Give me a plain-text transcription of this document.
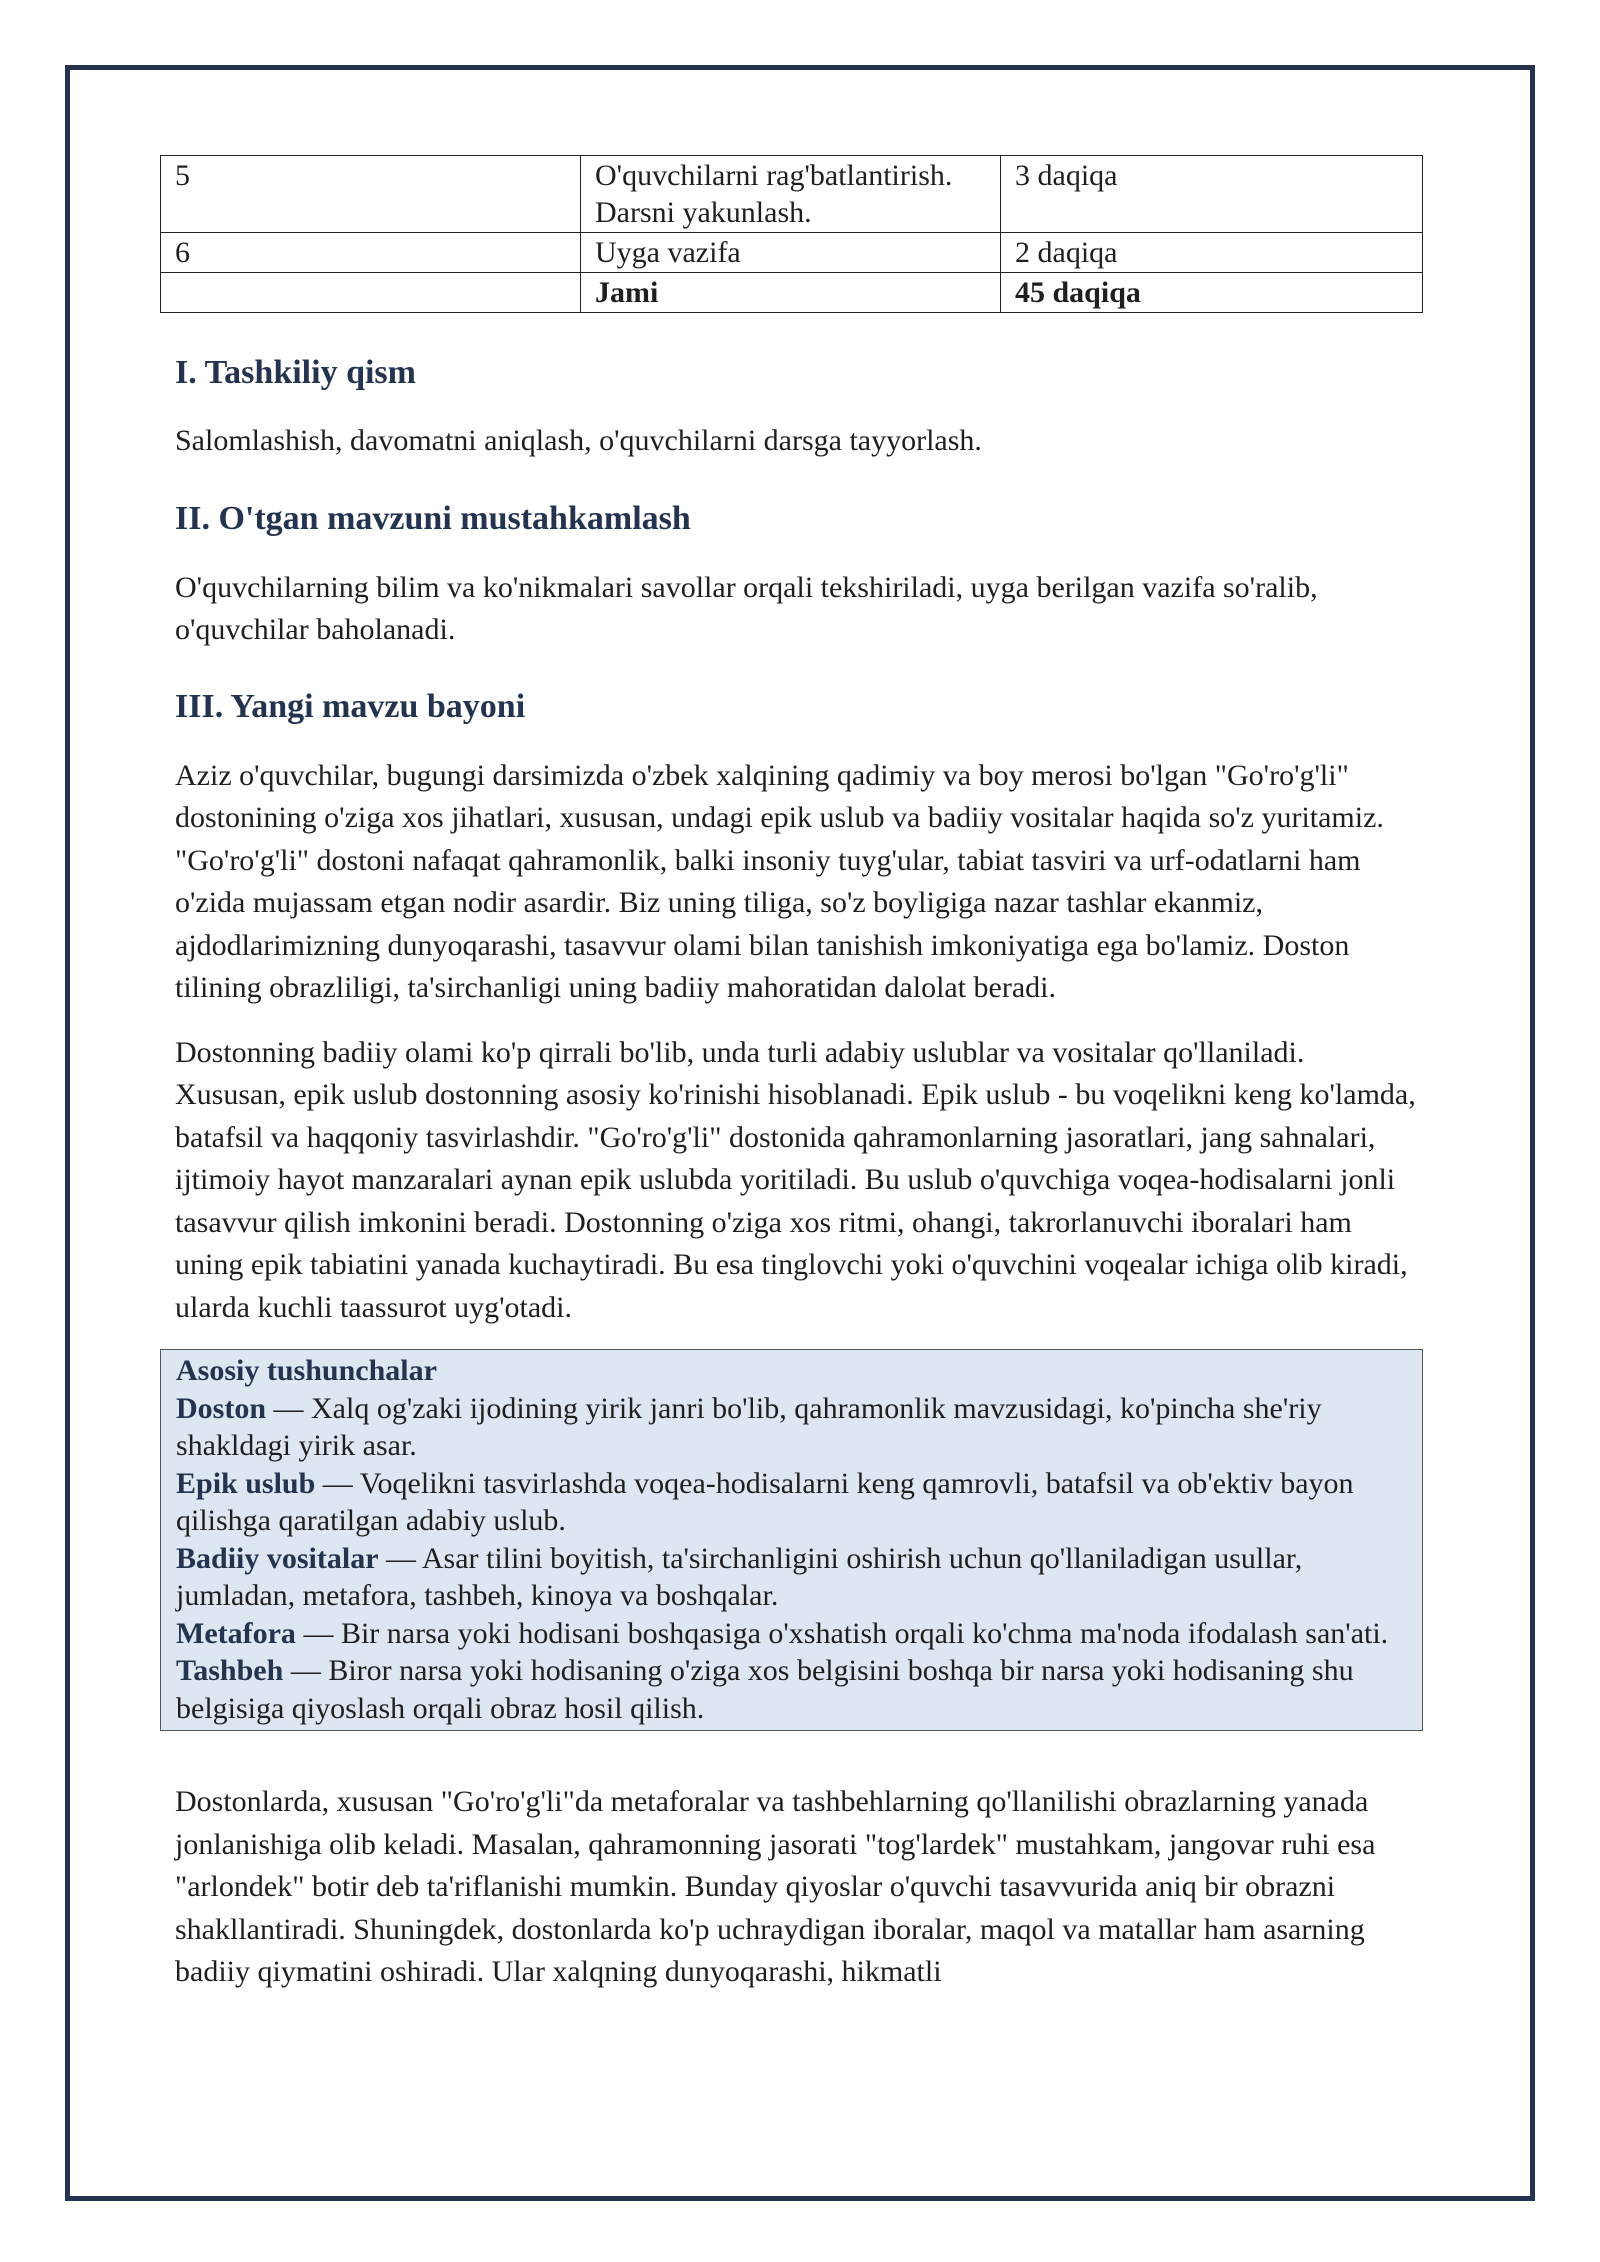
5	O'quvchilarni rag'batlantirish. Darsni yakunlash.	3 daqiqa
6	Uyga vazifa	2 daqiqa
	Jami	45 daqiqa
I. Tashkiliy qism

Salomlashish, davomatni aniqlash, o'quvchilarni darsga tayyorlash.

II. O'tgan mavzuni mustahkamlash

O'quvchilarning bilim va ko'nikmalari savollar orqali tekshiriladi, uyga berilgan vazifa so'ralib, o'quvchilar baholanadi.

III. Yangi mavzu bayoni

Aziz o'quvchilar, bugungi darsimizda o'zbek xalqining qadimiy va boy merosi bo'lgan "Go'ro'g'li" dostonining o'ziga xos jihatlari, xususan, undagi epik uslub va badiiy vositalar haqida so'z yuritamiz. "Go'ro'g'li" dostoni nafaqat qahramonlik, balki insoniy tuyg'ular, tabiat tasviri va urf-odatlarni ham o'zida mujassam etgan nodir asardir. Biz uning tiliga, so'z boyligiga nazar tashlar ekanmiz, ajdodlarimizning dunyoqarashi, tasavvur olami bilan tanishish imkoniyatiga ega bo'lamiz. Doston tilining obrazliligi, ta'sirchanligi uning badiiy mahoratidan dalolat beradi.

Dostonning badiiy olami ko'p qirrali bo'lib, unda turli adabiy uslublar va vositalar qo'llaniladi. Xususan, epik uslub dostonning asosiy ko'rinishi hisoblanadi. Epik uslub - bu voqelikni keng ko'lamda, batafsil va haqqoniy tasvirlashdir. "Go'ro'g'li" dostonida qahramonlarning jasoratlari, jang sahnalari, ijtimoiy hayot manzaralari aynan epik uslubda yoritiladi. Bu uslub o'quvchiga voqea-hodisalarni jonli tasavvur qilish imkonini beradi. Dostonning o'ziga xos ritmi, ohangi, takrorlanuvchi iboralari ham uning epik tabiatini yanada kuchaytiradi. Bu esa tinglovchi yoki o'quvchini voqealar ichiga olib kiradi, ularda kuchli taassurot uyg'otadi.

Asosiy tushunchalar
Doston — Xalq og'zaki ijodining yirik janri bo'lib, qahramonlik mavzusidagi, ko'pincha she'riy shakldagi yirik asar.
Epik uslub — Voqelikni tasvirlashda voqea-hodisalarni keng qamrovli, batafsil va ob'ektiv bayon qilishga qaratilgan adabiy uslub.
Badiiy vositalar — Asar tilini boyitish, ta'sirchanligini oshirish uchun qo'llaniladigan usullar, jumladan, metafora, tashbeh, kinoya va boshqalar.
Metafora — Bir narsa yoki hodisani boshqasiga o'xshatish orqali ko'chma ma'noda ifodalash san'ati.
Tashbeh — Biror narsa yoki hodisaning o'ziga xos belgisini boshqa bir narsa yoki hodisaning shu belgisiga qiyoslash orqali obraz hosil qilish.

Dostonlarda, xususan "Go'ro'g'li"da metaforalar va tashbehlarning qo'llanilishi obrazlarning yanada jonlanishiga olib keladi. Masalan, qahramonning jasorati "tog'lardek" mustahkam, jangovar ruhi esa "arlondek" botir deb ta'riflanishi mumkin. Bunday qiyoslar o'quvchi tasavvurida aniq bir obrazni shakllantiradi. Shuningdek, dostonlarda ko'p uchraydigan iboralar, maqol va matallar ham asarning badiiy qiymatini oshiradi. Ular xalqning dunyoqarashi, hikmatli
